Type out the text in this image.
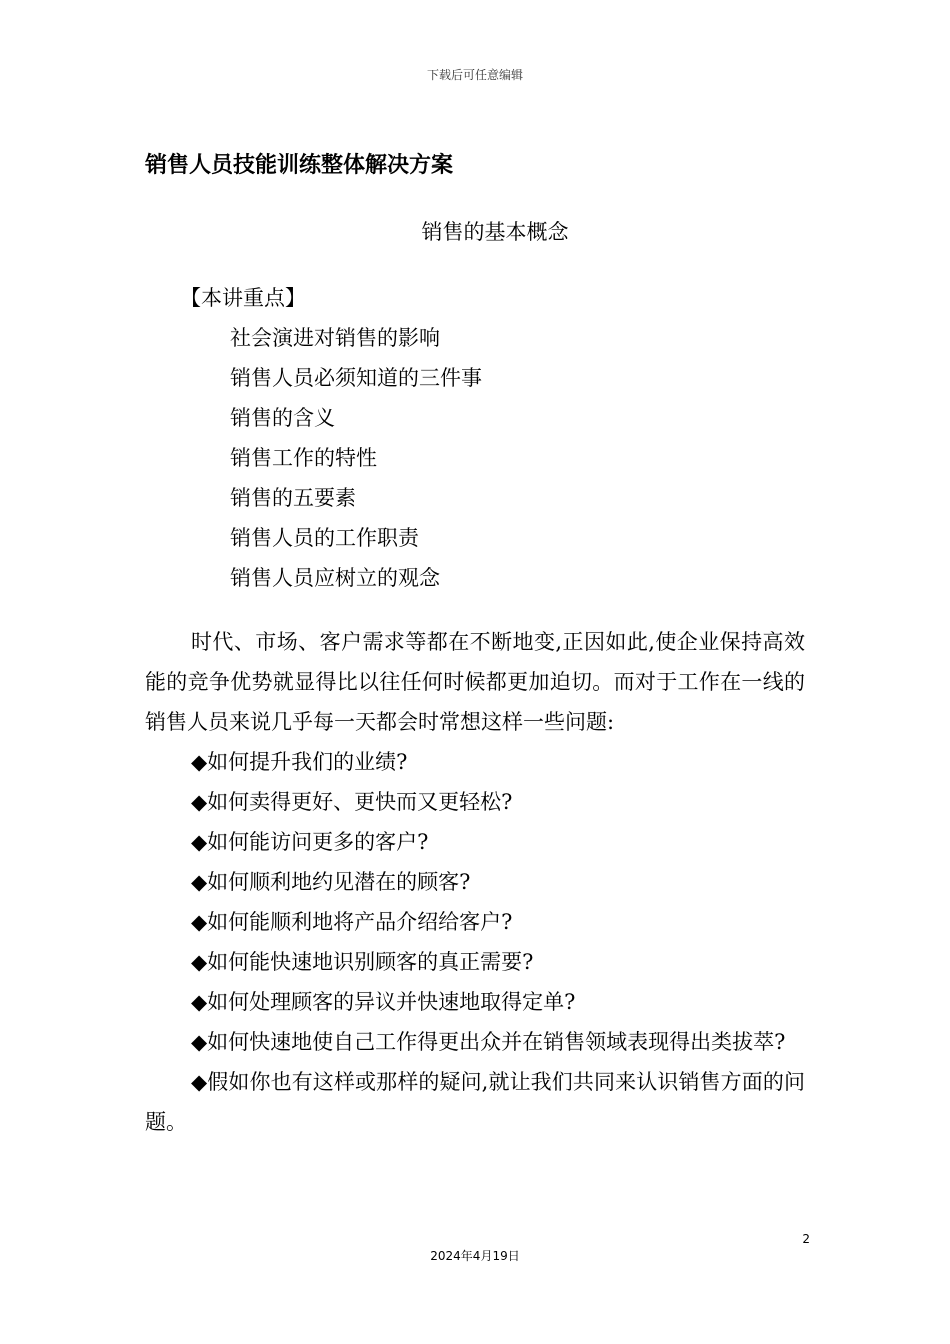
下载后可任意编辑
销售人员技能训练整体解决方案
销售的基本概念
【本讲重点】
社会演进对销售的影响
销售人员必须知道的三件事
销售的含义
销售工作的特性
销售的五要素
销售人员的工作职责
销售人员应树立的观念

时代、市场、客户需求等都在不断地变,正因如此,使企业保持高效能的竞争优势就显得比以往任何时候都更加迫切。而对于工作在一线的销售人员来说几乎每一天都会时常想这样一些问题:

◆如何提升我们的业绩?

◆如何卖得更好、更快而又更轻松?

◆如何能访问更多的客户?

◆如何顺利地约见潜在的顾客?

◆如何能顺利地将产品介绍给客户?

◆如何能快速地识别顾客的真正需要?

◆如何处理顾客的异议并快速地取得定单?

◆如何快速地使自己工作得更出众并在销售领域表现得出类拔萃?

◆假如你也有这样或那样的疑问,就让我们共同来认识销售方面的问题。

2
2024年4月19日
